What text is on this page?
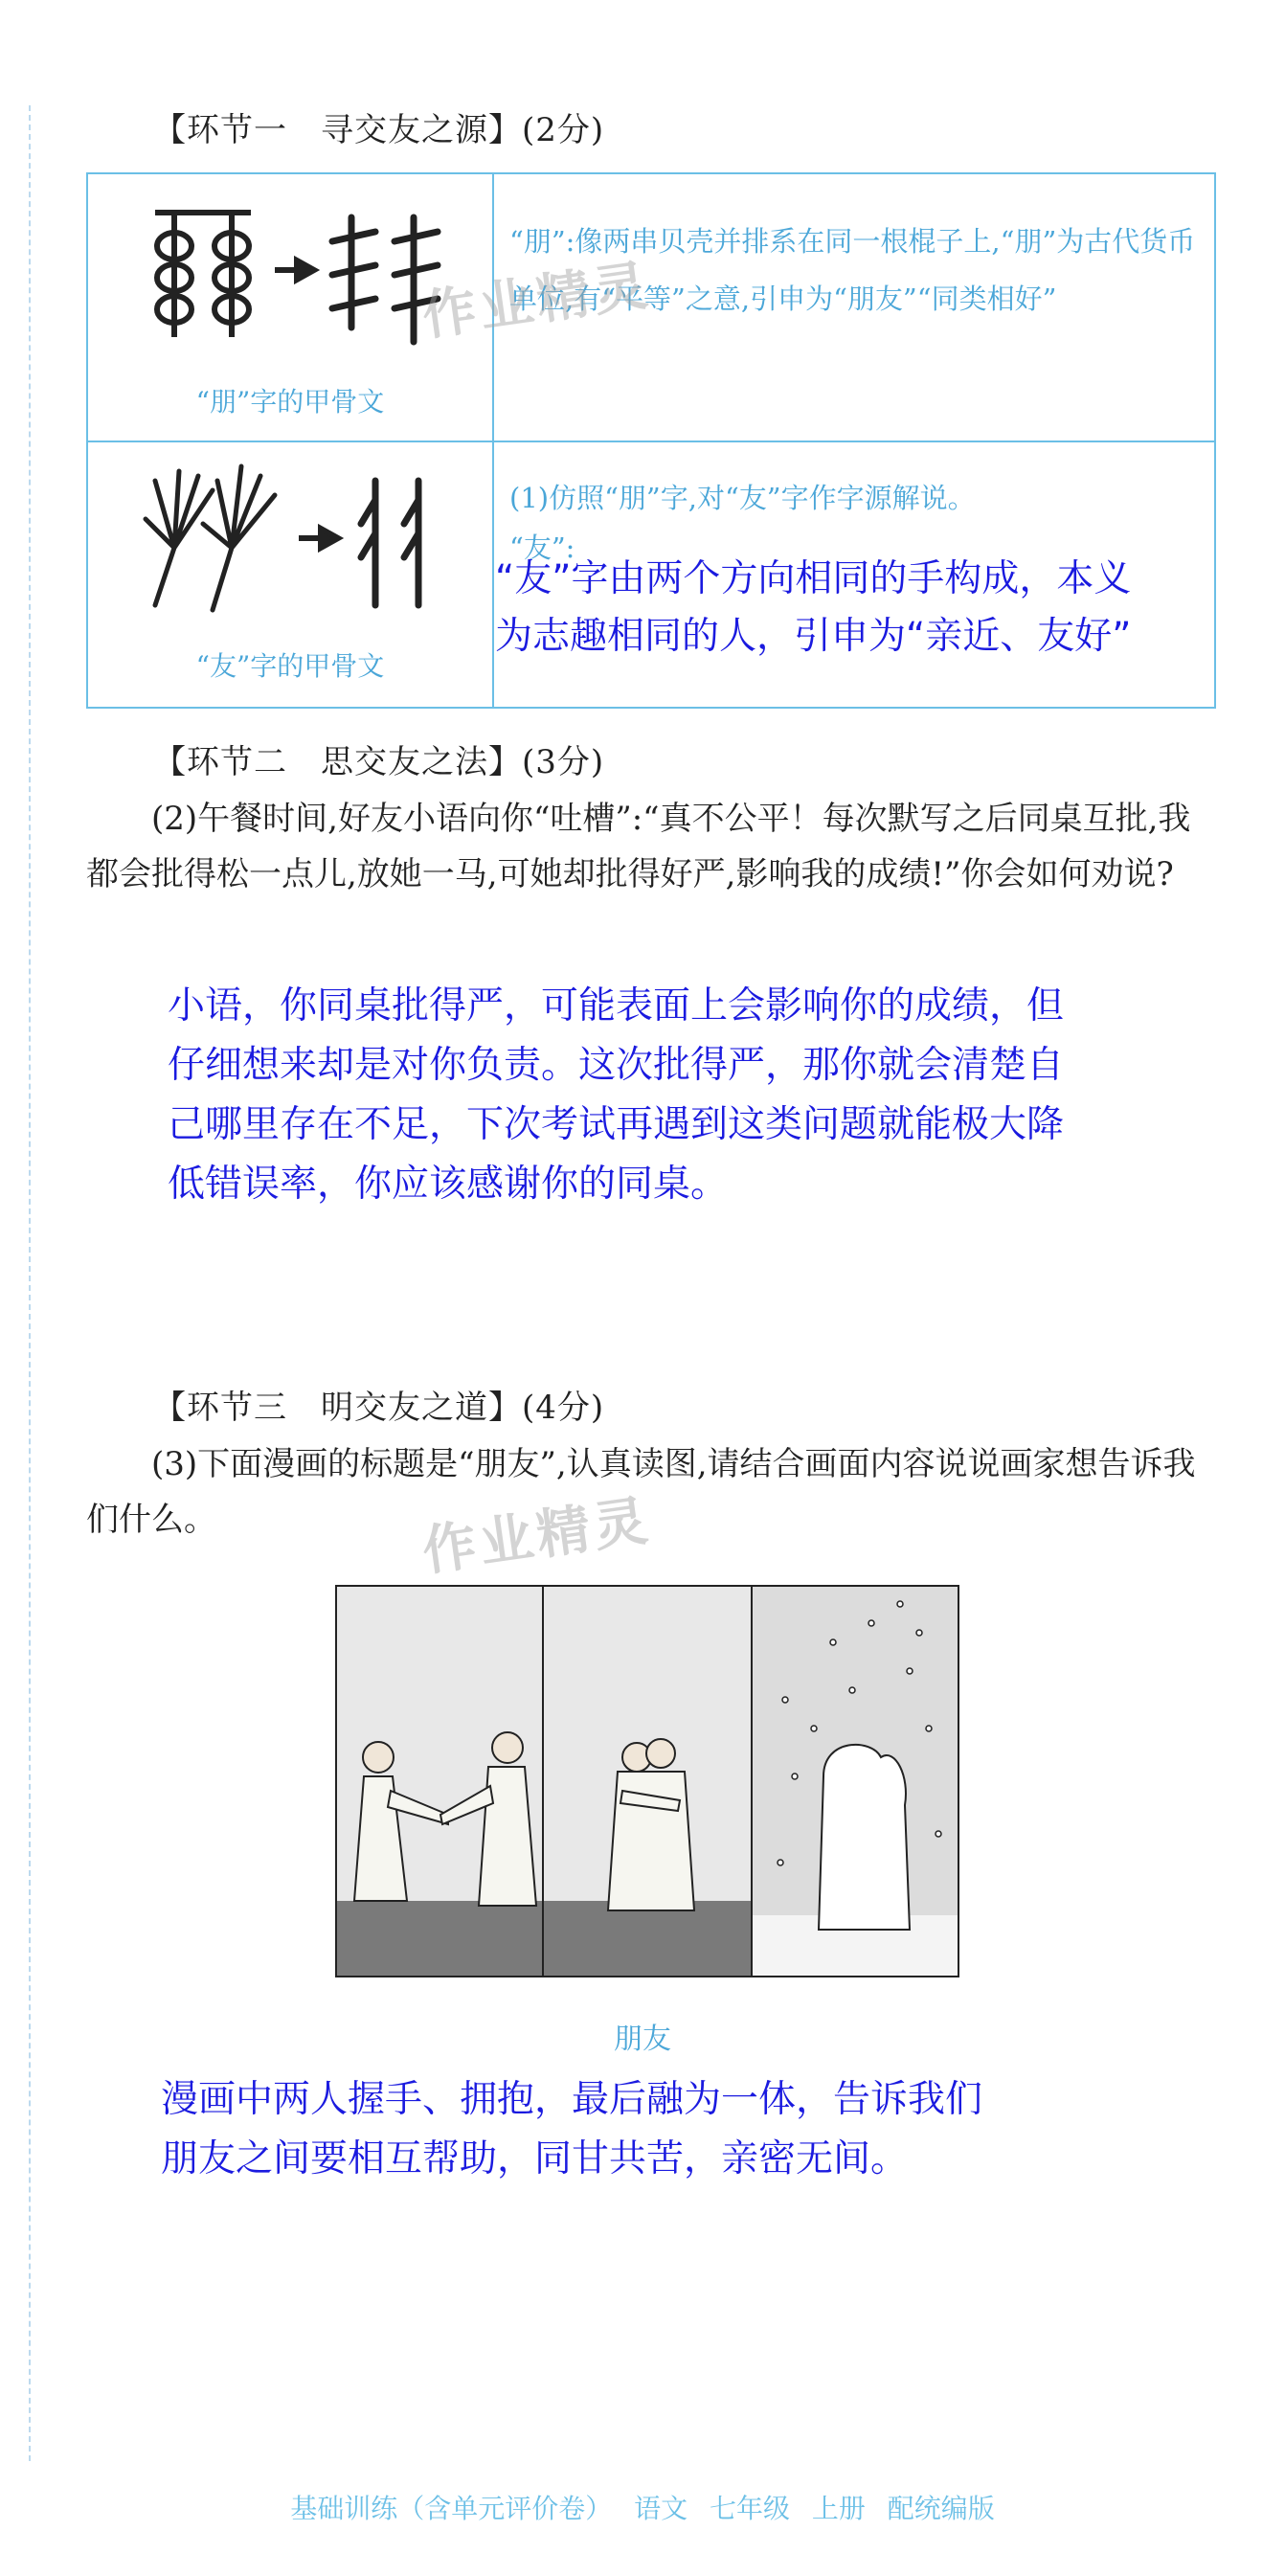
【环节一　寻交友之源】(2分)
“朋”字的甲骨文
“朋”:像两串贝壳并排系在同一根棍子上,“朋”为古代货币单位,有“平等”之意,引申为“朋友”“同类相好”
“友”字的甲骨文
(1)仿照“朋”字,对“友”字作字源解说。
“友”:
“友”字由两个方向相同的手构成，本义
为志趣相同的人，引申为“亲近、友好”
作业精灵
【环节二　思交友之法】(3分)
(2)午餐时间,好友小语向你“吐槽”:“真不公平！每次默写之后同桌互批,我都会批得松一点儿,放她一马,可她却批得好严,影响我的成绩!”你会如何劝说?
小语，你同桌批得严，可能表面上会影响你的成绩，但
仔细想来却是对你负责。这次批得严，那你就会清楚自
己哪里存在不足，下次考试再遇到这类问题就能极大降
低错误率，你应该感谢你的同桌。
【环节三　明交友之道】(4分)
(3)下面漫画的标题是“朋友”,认真读图,请结合画面内容说说画家想告诉我们什么。	作业精灵
朋友
漫画中两人握手、拥抱，最后融为一体，告诉我们
朋友之间要相互帮助，同甘共苦，亲密无间。
基础训练（含单元评价卷） 语文 七年级 上册 配统编版
